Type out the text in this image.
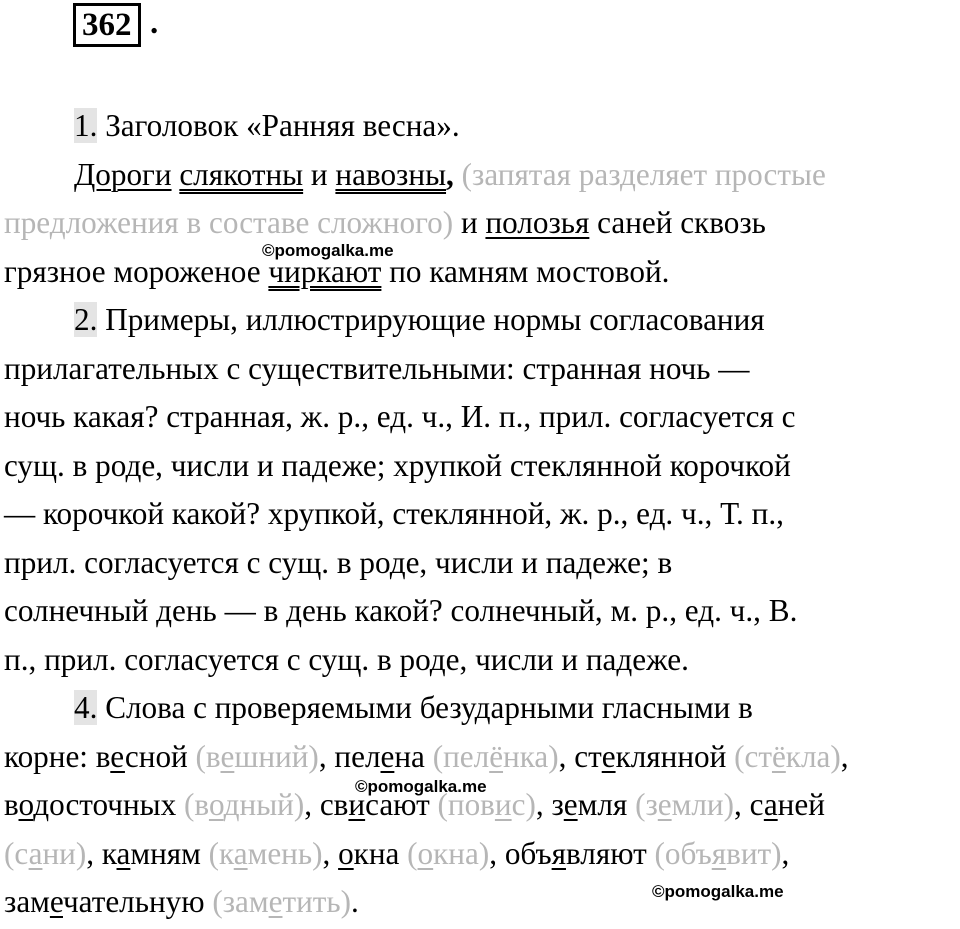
362 .
1. Заголовок «Ранняя весна».
Дороги слякотны и навозны, (запятая разделяет простые
предложения в составе сложного) и полозья саней сквозь
грязное мороженое чиркают по камням мостовой.
2. Примеры, иллюстрирующие нормы согласования
прилагательных с существительными: странная ночь —
ночь какая? странная, ж. р., ед. ч., И. п., прил. согласуется с
сущ. в роде, числи и падеже; хрупкой стеклянной корочкой
— корочкой какой? хрупкой, стеклянной, ж. р., ед. ч., Т. п.,
прил. согласуется с сущ. в роде, числи и падеже; в
солнечный день — в день какой? солнечный, м. р., ед. ч., В.
п., прил. согласуется с сущ. в роде, числи и падеже.
4. Слова с проверяемыми безударными гласными в
корне: весной (вешний), пелена (пелёнка), стеклянной (стёкла),
водосточных (водный), свисают (повис), земля (земли), саней
(сани), камням (камень), окна (окна), объявляют (объявит),
замечательную (заметить).
©pomogalka.me
©pomogalka.me
©pomogalka.me
